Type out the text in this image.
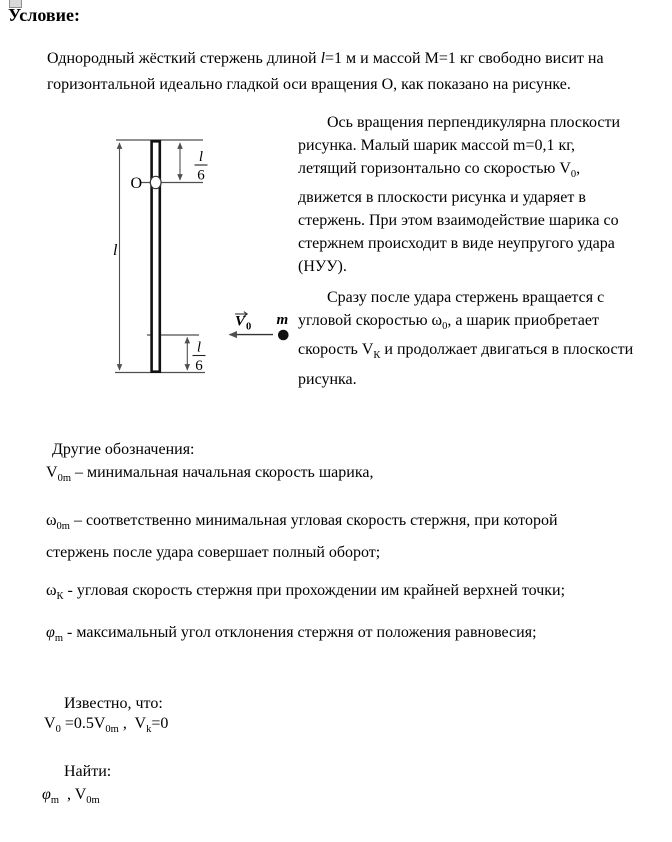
Условие:
Однородный жёсткий стержень длиной l=1 м и массой М=1 кг свободно висит на
горизонтальной идеально гладкой оси вращения О, как показано на рисунке.
O
l
l
6
l
6
V 0 m
Ось вращения перпендикулярна плоскости
рисунка. Малый шарик массой m=0,1 кг,
летящий горизонтально со скоростью $V_0$,
движется в плоскости рисунка и ударяет в
стержень. При этом взаимодействие шарика со
стержнем происходит в виде неупругого удара
(НУУ).
Сразу после удара стержень вращается с
угловой скоростью $\omega_0$, а шарик приобретает
скорость $V_К$ и продолжает двигаться в плоскости
рисунка.
Другие обозначения:
$V_{0m}$ – минимальная начальная скорость шарика,
$\omega_{0m}$ – соответственно минимальная угловая скорость стержня, при которой
стержень после удара совершает полный оборот;
$\omega_К$ - угловая скорость стержня при прохождении им крайней верхней точки;
$\varphi_m$ - максимальный угол отклонения стержня от положения равновесия;
Известно, что:
$V_0 =0.5V_{0m}$ ,  $V_k=0$
Найти:
$\varphi_m$  , $V_{0m}$
